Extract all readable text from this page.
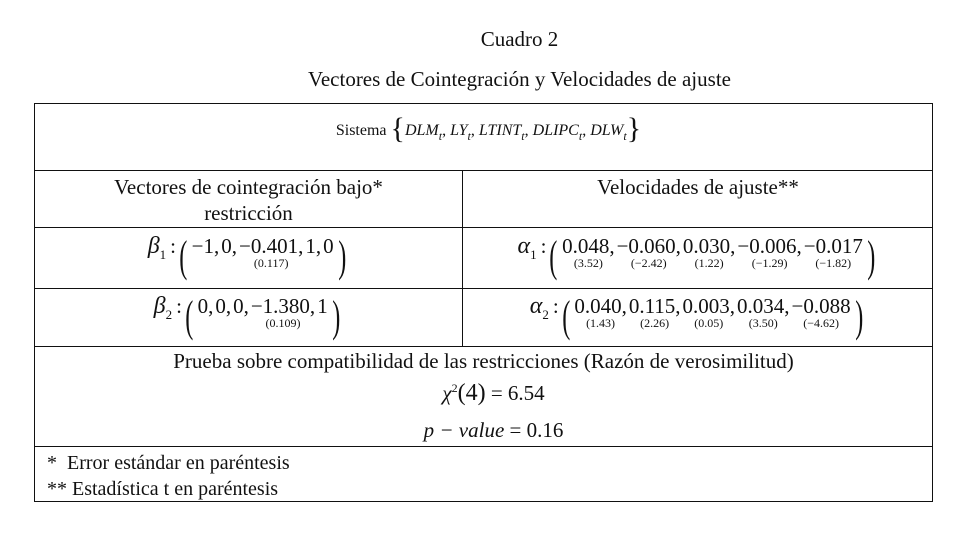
Cuadro 2
Vectores de Cointegración y Velocidades de ajuste
Sistema {$DLM_t$, $LY_t$, $LTINT_t$, $DLIPC_t$, $DLW_t$}
Vectores de cointegración bajo*
restricción
Velocidades de ajuste**
β 1 : ( −1,
0,
−0.401,
(0.117)
1,
0
)	α 1 : ( 0.048,
(3.52)
−0.060,
(−2.42)
0.030,
(1.22)
−0.006,
(−1.29)
−0.017
(−1.82) )
β 2 : ( 0,
0,
0,
−1.380,
(0.109)
1
)	α 2 : ( 0.040,
(1.43)
0.115,
(2.26)
0.003,
(0.05)
0.034,
(3.50)
−0.088
(−4.62) )
Prueba sobre compatibilidad de las restricciones (Razón de verosimilitud)
$\chi^2(4) = 6.54$
p − value = 0.16
*  Error estándar en paréntesis
** Estadística t en paréntesis
